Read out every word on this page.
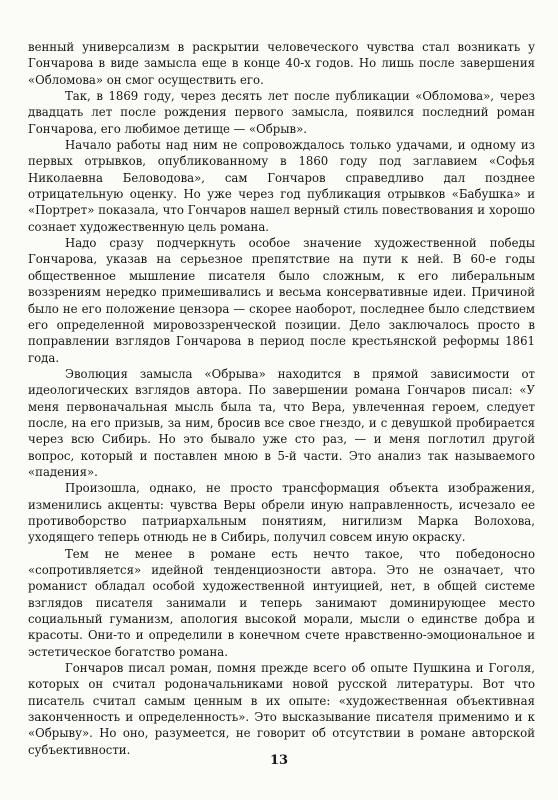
венный универсализм в раскрытии человеческого чувства стал возникать у Гончарова в виде замысла еще в конце 40-х годов. Но лишь после завершения «Обломова» он смог осуществить его.

Так, в 1869 году, через десять лет после публикации «Обломова», через двадцать лет после рождения первого замысла, появился последний роман Гончарова, его любимое детище — «Обрыв».

Начало работы над ним не сопровождалось только удачами, и одному из первых отрывков, опубликованному в 1860 году под заглавием «Софья Николаевна Беловодова», сам Гончаров справедливо дал позднее отрицательную оценку. Но уже через год публикация отрывков «Бабушка» и «Портрет» показала, что Гончаров нашел верный стиль повествования и хорошо сознает художественную цель романа.

Надо сразу подчеркнуть особое значение художественной победы Гончарова, указав на серьезное препятствие на пути к ней. В 60-е годы общественное мышление писателя было сложным, к его либеральным воззрениям нередко примешивались и весьма консервативные идеи. Причиной было не его положение цензора — скорее наоборот, последнее было следствием его определенной мировоззренческой позиции. Дело заключалось просто в поправлении взглядов Гончарова в период после крестьянской реформы 1861 года.

Эволюция замысла «Обрыва» находится в прямой зависимости от идеологических взглядов автора. По завершении романа Гончаров писал: «У меня первоначальная мысль была та, что Вера, увлеченная героем, следует после, на его призыв, за ним, бросив все свое гнездо, и с девушкой пробирается через всю Сибирь. Но это бывало уже сто раз, — и меня поглотил другой вопрос, который и поставлен мною в 5-й части. Это анализ так называемого «падения».

Произошла, однако, не просто трансформация объекта изображения, изменились акценты: чувства Веры обрели иную направленность, исчезало ее противоборство патриархальным понятиям, нигилизм Марка Волохова, уходящего теперь отнюдь не в Сибирь, получил совсем иную окраску.

Тем не менее в романе есть нечто такое, что победоносно «сопротивляется» идейной тенденциозности автора. Это не означает, что романист обладал особой художественной интуицией, нет, в общей системе взглядов писателя занимали и теперь занимают доминирующее место социальный гуманизм, апология высокой морали, мысли о единстве добра и красоты. Они-то и определили в конечном счете нравственно-эмоциональное и эстетическое богатство романа.

Гончаров писал роман, помня прежде всего об опыте Пушкина и Гоголя, которых он считал родоначальниками новой русской литературы. Вот что писатель считал самым ценным в их опыте: «художественная объективная законченность и определенность». Это высказывание писателя применимо и к «Обрыву». Но оно, разумеется, не говорит об отсутствии в романе авторской субъективности.

13
